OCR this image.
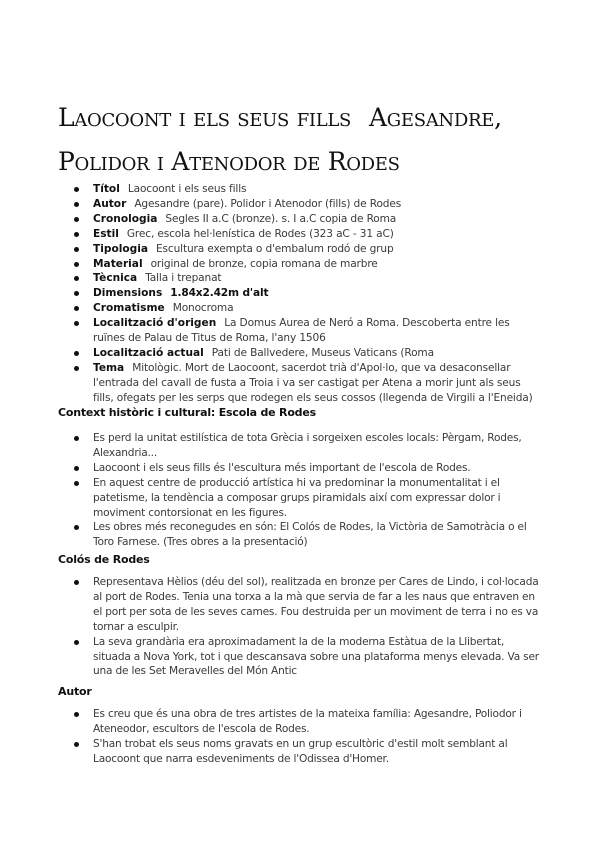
Laocoont i els seus fills Agesandre, Polidor i Atenodor de Rodes
Títol Laocoont i els seus fills
Autor Agesandre (pare). Polidor i Atenodor (fills) de Rodes
Cronologia Segles II a.C (bronze). s. I a.C copia de Roma
Estil Grec, escola hel·lenística de Rodes (323 aC - 31 aC)
Tipologia Escultura exempta o d'embalum rodó de grup
Material original de bronze, copia romana de marbre
Tècnica Talla i trepanat
Dimensions 1.84x2.42m d'alt
Cromatisme Monocroma
Localització d'origen La Domus Aurea de Neró a Roma. Descoberta entre les ruïnes de Palau de Titus de Roma, l'any 1506
Localització actual Pati de Ballvedere, Museus Vaticans (Roma
Tema Mitològic. Mort de Laocoont, sacerdot trià d'Apol·lo, que va desaconsellar l'entrada del cavall de fusta a Troia i va ser castigat per Atena a morir junt als seus fills, ofegats per les serps que rodegen els seus cossos (llegenda de Virgili a l'Eneida)
Context històric i cultural: Escola de Rodes
Es perd la unitat estilística de tota Grècia i sorgeixen escoles locals: Pèrgam, Rodes, Alexandria...
Laocoont i els seus fills és l'escultura més important de l'escola de Rodes.
En aquest centre de producció artística hi va predominar la monumentalitat i el patetisme, la tendència a composar grups piramidals així com expressar dolor i moviment contorsionat en les figures.
Les obres més reconegudes en són: El Colós de Rodes, la Victòria de Samotràcia o el Toro Farnese. (Tres obres a la presentació)
Colós de Rodes
Representava Hèlios (déu del sol), realitzada en bronze per Cares de Lindo, i col·locada al port de Rodes. Tenia una torxa a la mà que servia de far a les naus que entraven en el port per sota de les seves cames. Fou destruida per un moviment de terra i no es va tornar a esculpir.
La seva grandària era aproximadament la de la moderna Estàtua de la Llibertat, situada a Nova York, tot i que descansava sobre una plataforma menys elevada. Va ser una de les Set Meravelles del Món Antic
Autor
Es creu que és una obra de tres artistes de la mateixa família: Agesandre, Poliodor i Ateneodor, escultors de l'escola de Rodes.
S'han trobat els seus noms gravats en un grup escultòric d'estil molt semblant al Laocoont que narra esdeveniments de l'Odissea d'Homer.
